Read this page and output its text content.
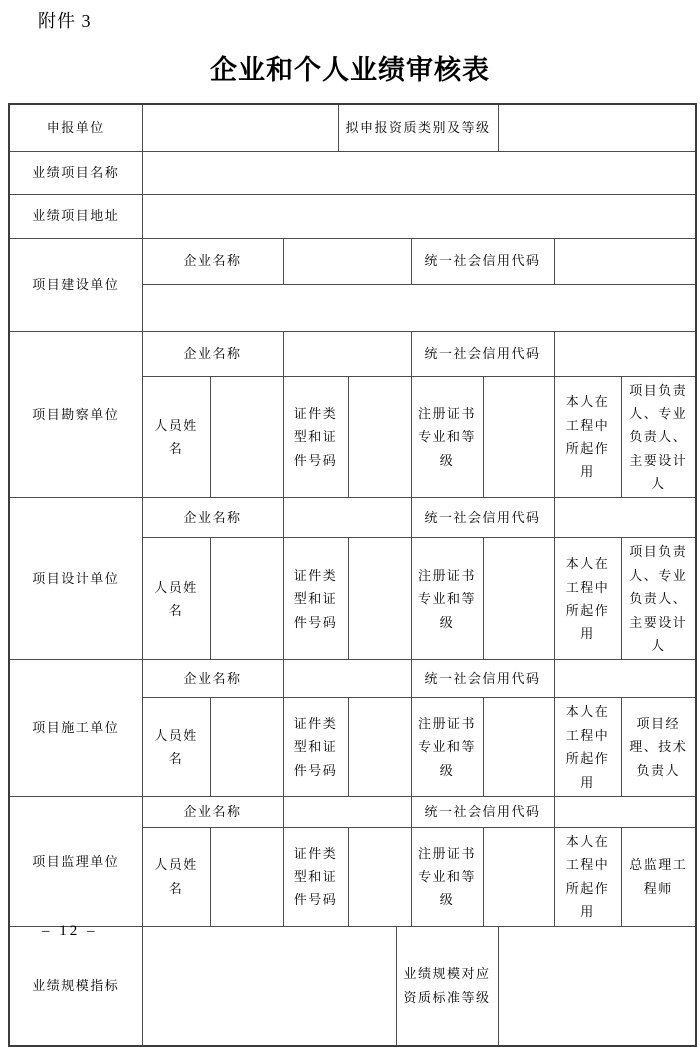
附件 3
企业和个人业绩审核表
申报单位				拟申报资质类别及等级							
业绩项目名称											
业绩项目地址											
项目建设单位	企业名称						统一社会信用代码				

项目勘察单位	企业名称						统一社会信用代码				
	人员姓名		证件类型和证件号码				注册证书专业和等级			本人在工程中所起作用	项目负责人、专业负责人、主要设计人
项目设计单位	企业名称						统一社会信用代码				
	人员姓名		证件类型和证件号码				注册证书专业和等级			本人在工程中所起作用	项目负责人、专业负责人、主要设计人
项目施工单位	企业名称						统一社会信用代码				
	人员姓名		证件类型和证件号码				注册证书专业和等级			本人在工程中所起作用	项目经理、技术负责人
项目监理单位	企业名称						统一社会信用代码				
	人员姓名		证件类型和证件号码				注册证书专业和等级			本人在工程中所起作用	总监理工程师
业绩规模指标						业绩规模对应资质标准等级					
– 12 –
